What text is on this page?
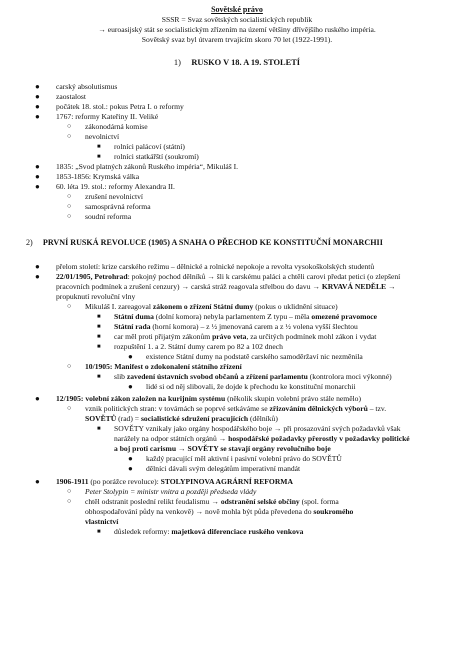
Sovětské právo
SSSR = Svaz sovětských socialistických republik
→ euroasijský stát se socialistickým zřízením na území většiny dřívějšího ruského impéria.
Sovětský svaz byl útvarem trvajícím skoro 70 let (1922-1991).
1) RUSKO V 18. A 19. STOLETÍ
● carský absolutismus
● zaostalost
● počátek 18. stol.: pokus Petra I. o reformy
● 1767: reformy Kateřiny II. Veliké
○ zákonodárná komise
○ nevolnictví
■ rolníci palácoví (státní)
■ rolníci statkářští (soukromí)
● 1835: „Svod platných zákonů Ruského impéria“, Mikuláš I.
● 1853-1856: Krymská válka
● 60. léta 19. stol.: reformy Alexandra II.
○ zrušení nevolnictví
○ samosprávná reforma
○ soudní reforma
2) PRVNÍ RUSKÁ REVOLUCE (1905) A SNAHA O PŘECHOD KE KONSTITUČNÍ MONARCHII
● přelom století: krize carského režimu – dělnické a rolnické nepokoje a revolta vysokoškolských studentů
● 22/01/1905, Petrohrad: pokojný pochod dělníků → šli k carskému paláci a chtěli carovi předat petici (o zlepšení
pracovních podmínek a zrušení cenzury) → carská stráž reagovala střelbou do davu → KRVAVÁ NEDĚLE →
propuknutí revoluční vlny
○ Mikuláš I. zareagoval zákonem o zřízení Státní dumy (pokus o uklidnění situace)
■ Státní duma (dolní komora) nebyla parlamentem Z typu – měla omezené pravomoce
■ Státní rada (horní komora) – z ½ jmenovaná carem a z ½ volena vyšší šlechtou
■ car měl proti přijatým zákonům právo veta, za určitých podmínek mohl zákon i vydat
■ rozpuštění 1. a 2. Státní dumy carem po 82 a 102 dnech
● existence Státní dumy na podstatě carského samoděržaví nic nezměnila
○ 10/1905: Manifest o zdokonalení státního zřízení
■ slib zavedení ústavních svobod občanů a zřízení parlamentu (kontrolora moci výkonné)
● lidé si od něj slibovali, že dojde k přechodu ke konstituční monarchii
● 12/1905: volební zákon založen na kurijním systému (několik skupin volební právo stále nemělo)
○ vznik politických stran: v továrnách se poprvé setkáváme se zřizováním dělnických výborů – tzv.
SOVĚTŮ (rad) = socialistické sdružení pracujících (dělníků)
■ SOVĚTY vznikaly jako orgány hospodářského boje → při prosazování svých požadavků však
narážely na odpor státních orgánů → hospodářské požadavky přerostly v požadavky politické
a boj proti carismu → SOVĚTY se stavají orgány revolučního boje
● každý pracující měl aktivní i pasivní volební právo do SOVĚTŮ
● dělníci dávali svým delegátům imperativní mandát
● 1906-1911 (po porážce revoluce): STOLYPINOVA AGRÁRNÍ REFORMA
○ Peter Stolypin = ministr vnitra a později předseda vlády
○ chtěl odstranit poslední relikt feudalismu → odstranění selské občiny (spol. forma
obhospodařování půdy na venkově) → nově mohla být půda převedena do soukromého
vlastnictví
■ důsledek reformy: majetková diferenciace ruského venkova
